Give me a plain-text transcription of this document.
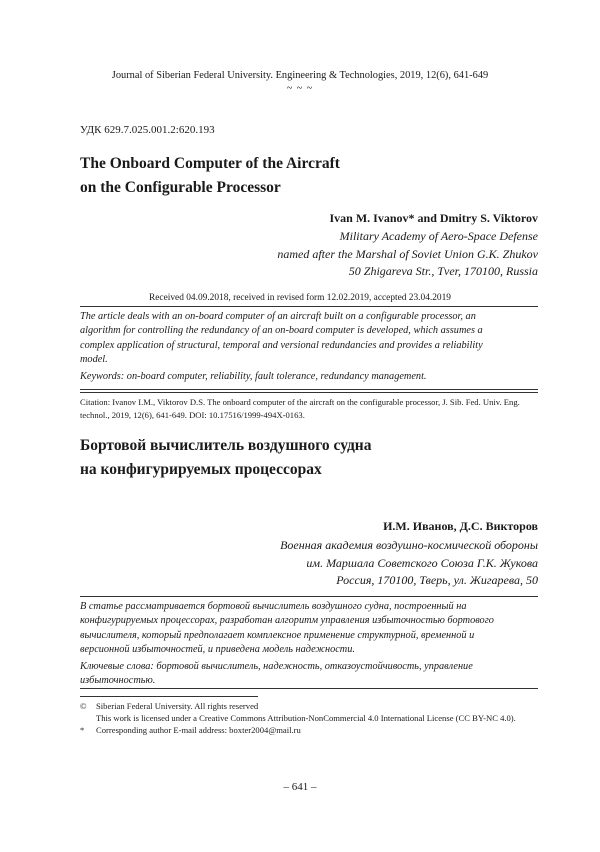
Journal of Siberian Federal University. Engineering & Technologies, 2019, 12(6), 641-649
~ ~ ~
УДК 629.7.025.001.2:620.193
The Onboard Computer of the Aircraft
on the Configurable Processor
Ivan M. Ivanov* and Dmitry S. Viktorov
Military Academy of Aero-Space Defense
named after the Marshal of Soviet Union G.K. Zhukov
50 Zhigareva Str., Tver, 170100, Russia
Received 04.09.2018, received in revised form 12.02.2019, accepted 23.04.2019
The article deals with an on-board computer of an aircraft built on a configurable processor, an
algorithm for controlling the redundancy of an on-board computer is developed, which assumes a
complex application of structural, temporal and versional redundancies and provides a reliability
model.
Keywords: on-board computer, reliability, fault tolerance, redundancy management.
Citation: Ivanov I.M., Viktorov D.S. The onboard computer of the aircraft on the configurable processor, J. Sib. Fed. Univ. Eng.
technol., 2019, 12(6), 641-649. DOI: 10.17516/1999-494X-0163.
Бортовой вычислитель воздушного судна
на конфигурируемых процессорах
И.М. Иванов, Д.С. Викторов
Военная академия воздушно-космической обороны
им. Маршала Советского Союза Г.К. Жукова
Россия, 170100, Тверь, ул. Жигарева, 50
В статье рассматривается бортовой вычислитель воздушного судна, построенный на
конфигурируемых процессорах, разработан алгоритм управления избыточностью бортового
вычислителя, который предполагает комплексное применение структурной, временной и
версионной избыточностей, и приведена модель надежности.
Ключевые слова: бортовой вычислитель, надежность, отказоустойчивость, управление
избыточностью.
© Siberian Federal University. All rights reserved
This work is licensed under a Creative Commons Attribution-NonCommercial 4.0 International License (CC BY-NC 4.0).
* Corresponding author E-mail address: boxter2004@mail.ru
– 641 –
